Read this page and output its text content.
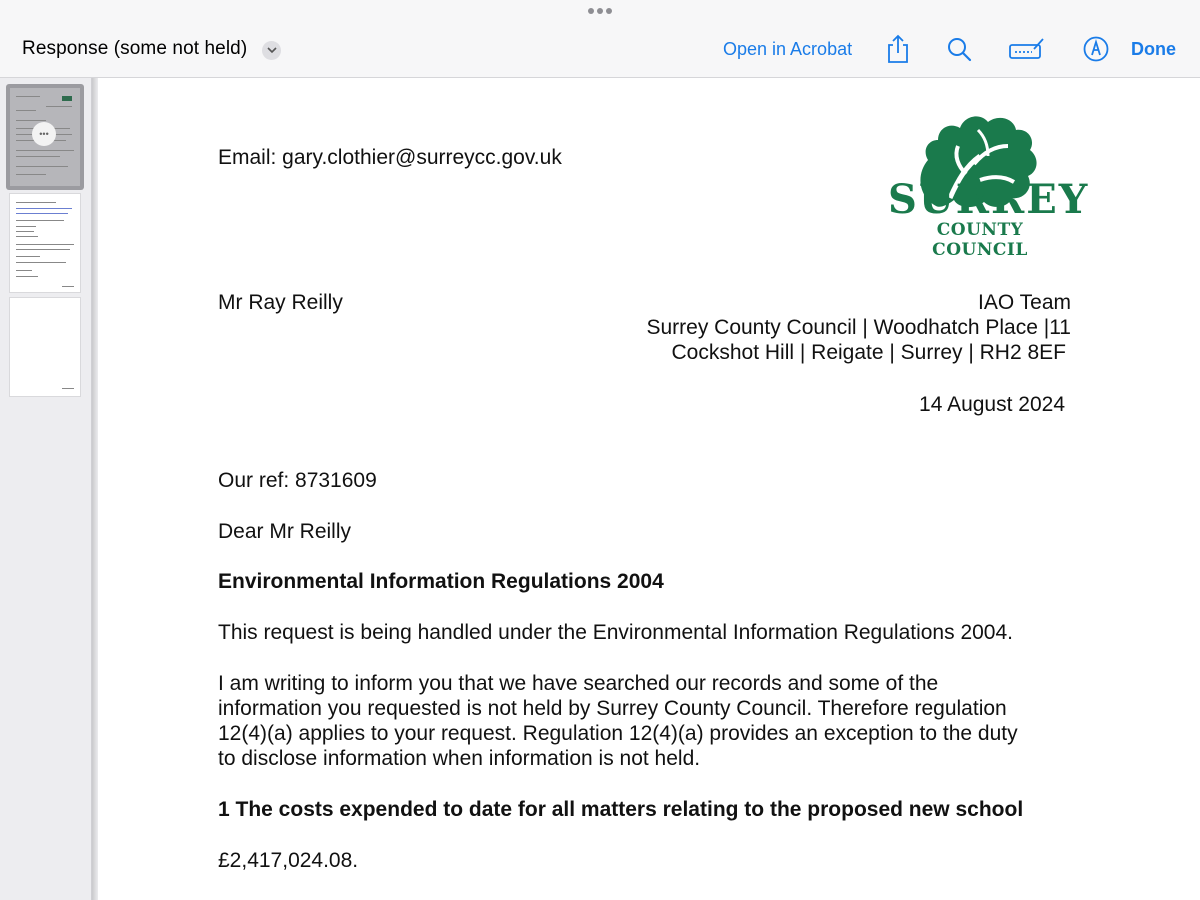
Response (some not held)	Open in Acrobat	Done
•••
SURREY
COUNTY COUNCIL
Email: gary.clothier@surreycc.gov.uk
Mr Ray Reilly	IAO Team
Surrey County Council | Woodhatch Place |11
Cockshot Hill | Reigate | Surrey | RH2 8EF
14 August 2024
Our ref: 8731609
Dear Mr Reilly
Environmental Information Regulations 2004
This request is being handled under the Environmental Information Regulations 2004.
I am writing to inform you that we have searched our records and some of the
information you requested is not held by Surrey County Council. Therefore regulation
12(4)(a) applies to your request. Regulation 12(4)(a) provides an exception to the duty
to disclose information when information is not held.
1 The costs expended to date for all matters relating to the proposed new school
£2,417,024.08.
